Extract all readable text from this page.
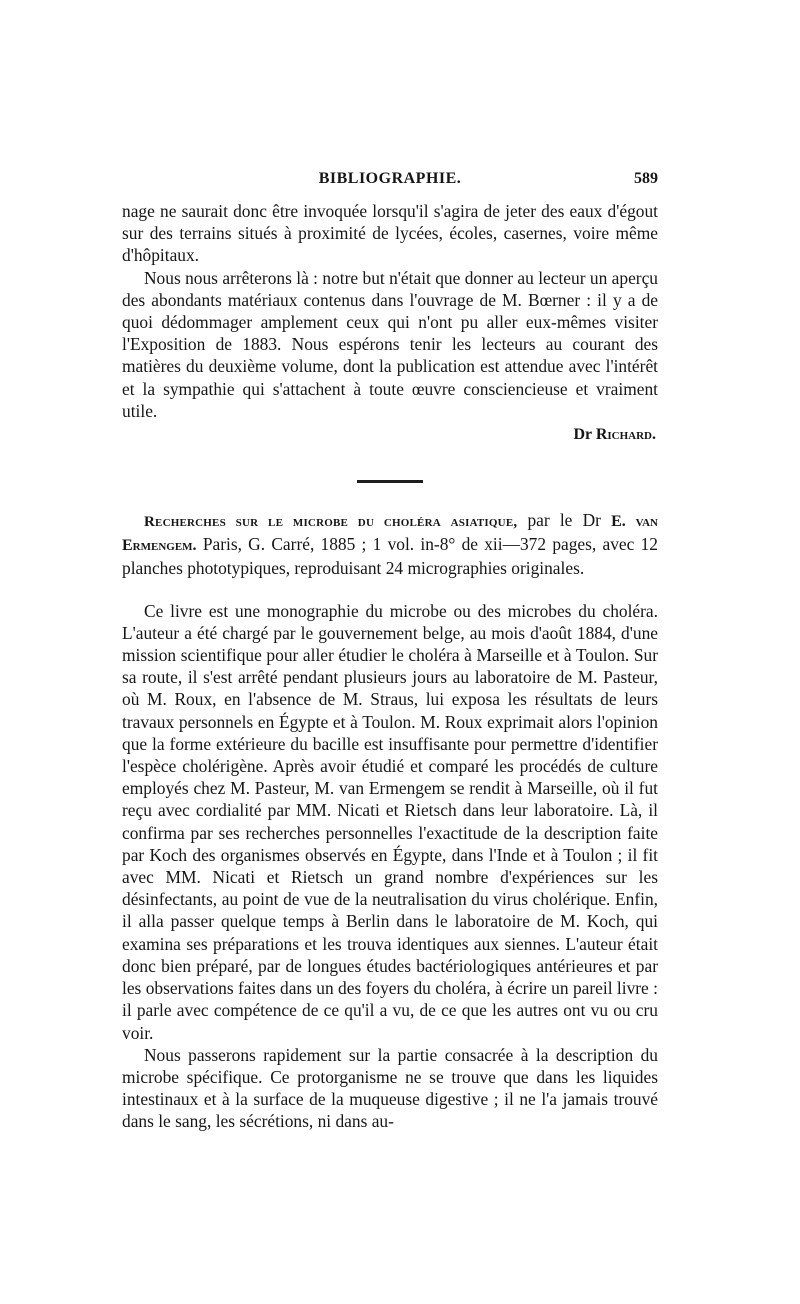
BIBLIOGRAPHIE.	589

nage ne saurait donc être invoquée lorsqu'il s'agira de jeter des eaux d'égout sur des terrains situés à proximité de lycées, écoles, casernes, voire même d'hôpitaux.

Nous nous arrêterons là : notre but n'était que donner au lecteur un aperçu des abondants matériaux contenus dans l'ouvrage de M. Bœrner : il y a de quoi dédommager amplement ceux qui n'ont pu aller eux-mêmes visiter l'Exposition de 1883. Nous espérons tenir les lecteurs au courant des matières du deuxième volume, dont la publication est attendue avec l'intérêt et la sympathie qui s'attachent à toute œuvre consciencieuse et vraiment utile.

Dr Richard.

Recherches sur le microbe du choléra asiatique, par le Dr E. van Ermengem. Paris, G. Carré, 1885 ; 1 vol. in-8° de xii—372 pages, avec 12 planches phototypiques, reproduisant 24 micrographies originales.

Ce livre est une monographie du microbe ou des microbes du choléra. L'auteur a été chargé par le gouvernement belge, au mois d'août 1884, d'une mission scientifique pour aller étudier le choléra à Marseille et à Toulon. Sur sa route, il s'est arrêté pendant plusieurs jours au laboratoire de M. Pasteur, où M. Roux, en l'absence de M. Straus, lui exposa les résultats de leurs travaux personnels en Égypte et à Toulon. M. Roux exprimait alors l'opinion que la forme extérieure du bacille est insuffisante pour permettre d'identifier l'espèce cholérigène. Après avoir étudié et comparé les procédés de culture employés chez M. Pasteur, M. van Ermengem se rendit à Marseille, où il fut reçu avec cordialité par MM. Nicati et Rietsch dans leur laboratoire. Là, il confirma par ses recherches personnelles l'exactitude de la description faite par Koch des organismes observés en Égypte, dans l'Inde et à Toulon ; il fit avec MM. Nicati et Rietsch un grand nombre d'expériences sur les désinfectants, au point de vue de la neutralisation du virus cholérique. Enfin, il alla passer quelque temps à Berlin dans le laboratoire de M. Koch, qui examina ses préparations et les trouva identiques aux siennes. L'auteur était donc bien préparé, par de longues études bactériologiques antérieures et par les observations faites dans un des foyers du choléra, à écrire un pareil livre : il parle avec compétence de ce qu'il a vu, de ce que les autres ont vu ou cru voir.

Nous passerons rapidement sur la partie consacrée à la description du microbe spécifique. Ce protorganisme ne se trouve que dans les liquides intestinaux et à la surface de la muqueuse digestive ; il ne l'a jamais trouvé dans le sang, les sécrétions, ni dans au-
